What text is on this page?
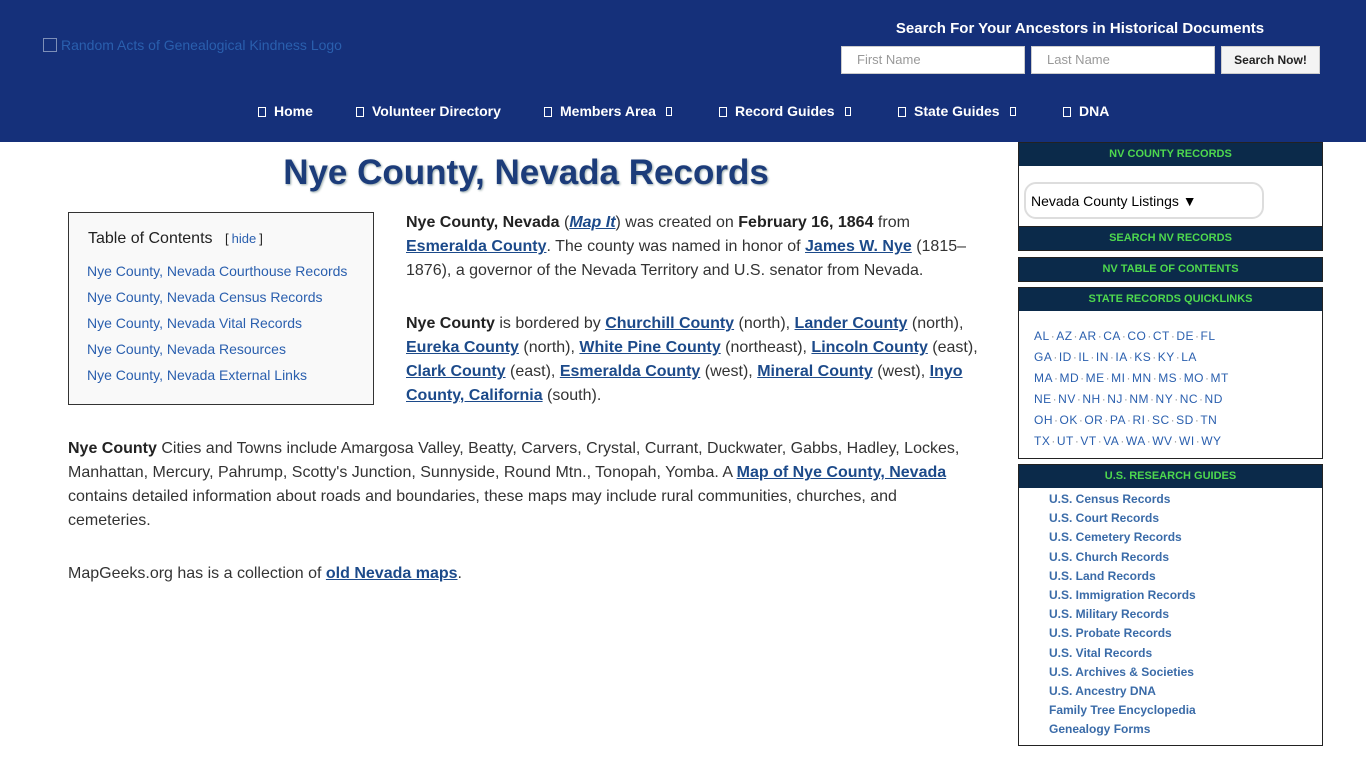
Random Acts of Genealogical Kindness Logo
Search For Your Ancestors in Historical Documents
First Name	Last Name	Search Now!
Home	Volunteer Directory	Members Area	Record Guides	State Guides	DNA
Nye County, Nevada Records
Table of Contents [ hide ]
Nye County, Nevada Courthouse Records
Nye County, Nevada Census Records
Nye County, Nevada Vital Records
Nye County, Nevada Resources
Nye County, Nevada External Links
Nye County, Nevada (Map It) was created on February 16, 1864 from Esmeralda County. The county was named in honor of James W. Nye (1815–1876), a governor of the Nevada Territory and U.S. senator from Nevada.
Nye County is bordered by Churchill County (north), Lander County (north), Eureka County (north), White Pine County (northeast), Lincoln County (east), Clark County (east), Esmeralda County (west), Mineral County (west), Inyo County, California (south).
Nye County Cities and Towns include Amargosa Valley, Beatty, Carvers, Crystal, Currant, Duckwater, Gabbs, Hadley, Lockes, Manhattan, Mercury, Pahrump, Scotty's Junction, Sunnyside, Round Mtn., Tonopah, Yomba. A Map of Nye County, Nevada contains detailed information about roads and boundaries, these maps may include rural communities, churches, and cemeteries.
MapGeeks.org has is a collection of old Nevada maps.
NV COUNTY RECORDS
Nevada County Listings ▼
SEARCH NV RECORDS
NV TABLE OF CONTENTS
STATE RECORDS QUICKLINKS
AL·AZ·AR·CA·CO·CT·DE·FL
GA·ID·IL·IN·IA·KS·KY·LA
MA·MD·ME·MI·MN·MS·MO·MT
NE·NV·NH·NJ·NM·NY·NC·ND
OH·OK·OR·PA·RI·SC·SD·TN
TX·UT·VT·VA·WA·WV·WI·WY
U.S. RESEARCH GUIDES
U.S. Census Records
U.S. Court Records
U.S. Cemetery Records
U.S. Church Records
U.S. Land Records
U.S. Immigration Records
U.S. Military Records
U.S. Probate Records
U.S. Vital Records
U.S. Archives & Societies
U.S. Ancestry DNA
Family Tree Encyclopedia
Genealogy Forms
